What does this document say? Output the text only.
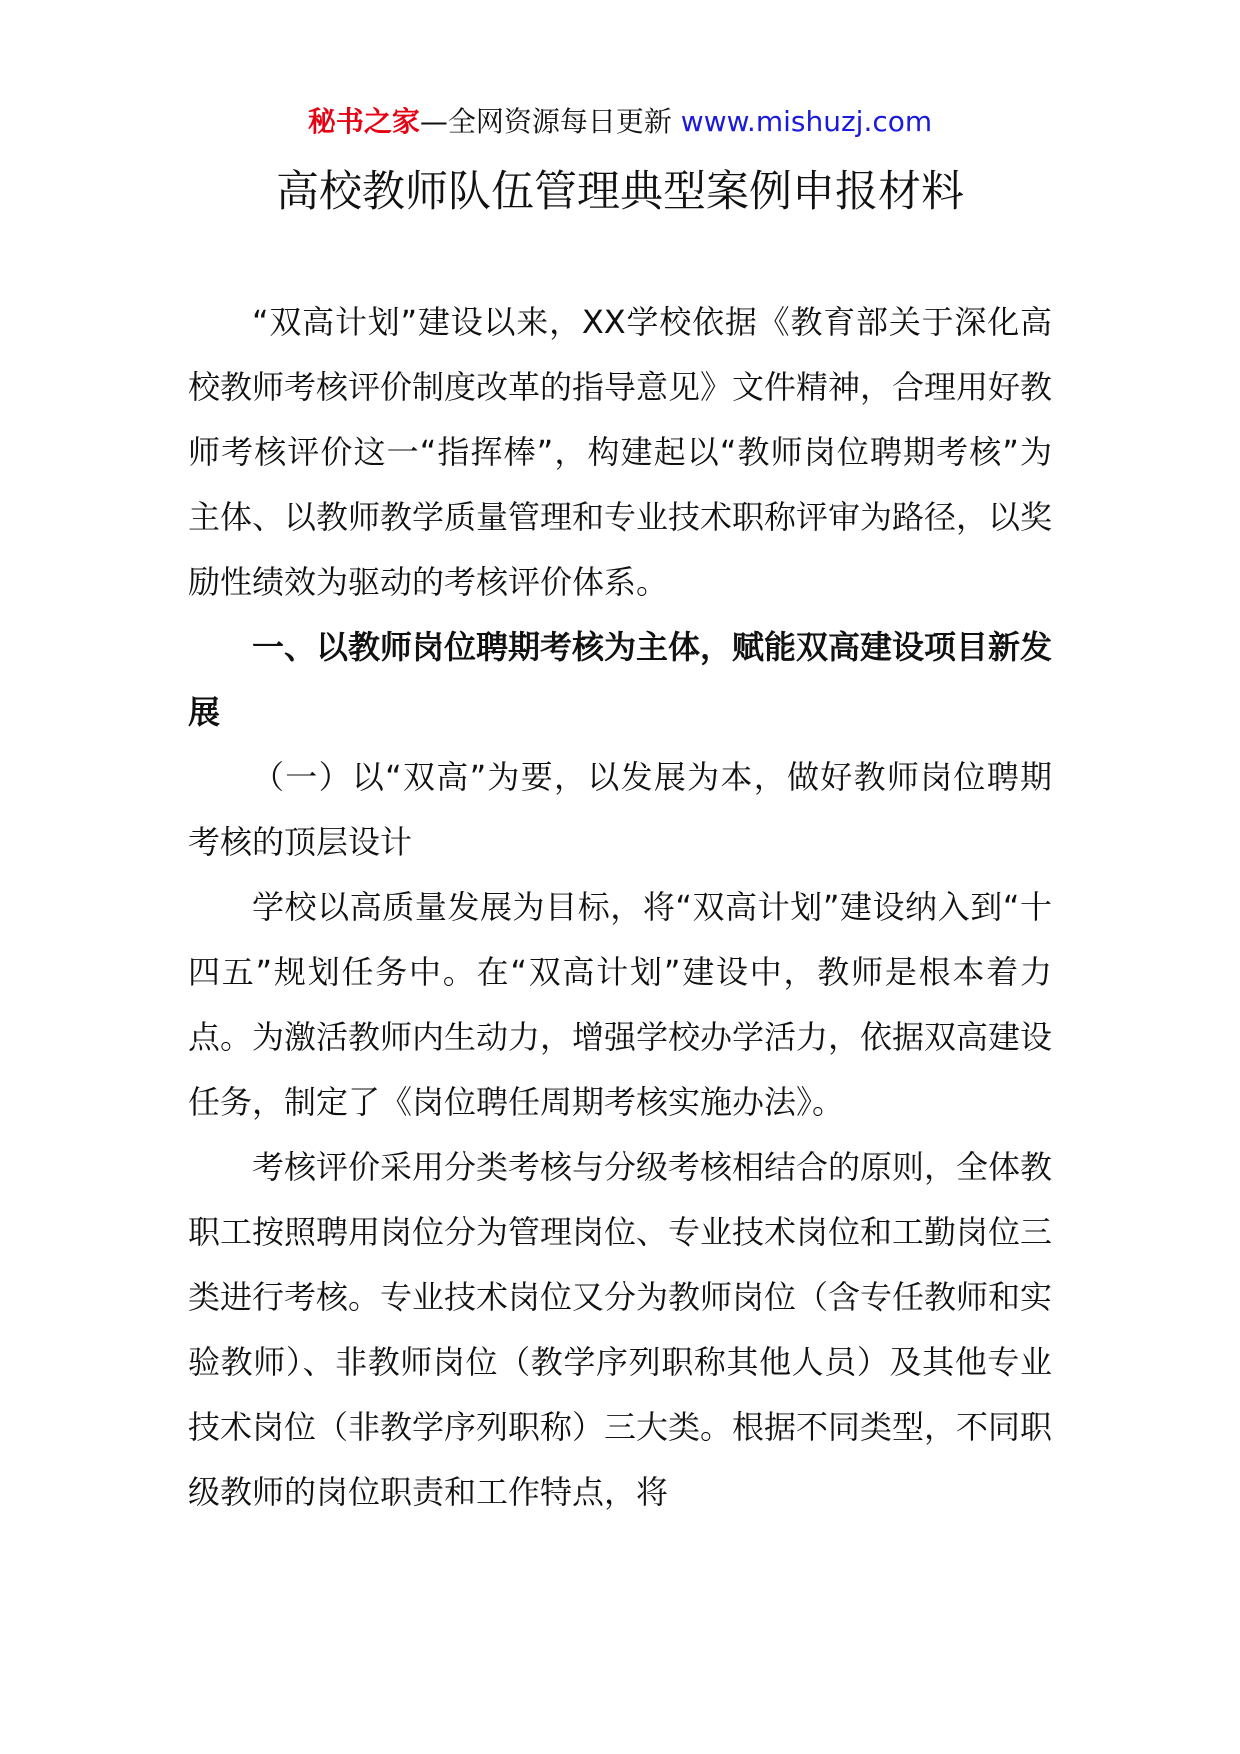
秘书之家—全网资源每日更新 www.mishuzj.com
高校教师队伍管理典型案例申报材料

“双高计划”建设以来，XX学校依据《教育部关于深化高校教师考核评价制度改革的指导意见》文件精神，合理用好教师考核评价这一“指挥棒”，构建起以“教师岗位聘期考核”为主体、以教师教学质量管理和专业技术职称评审为路径，以奖励性绩效为驱动的考核评价体系。

一、以教师岗位聘期考核为主体，赋能双高建设项目新发展

（一）以“双高”为要，以发展为本，做好教师岗位聘期考核的顶层设计

学校以高质量发展为目标，将“双高计划”建设纳入到“十四五”规划任务中。在“双高计划”建设中，教师是根本着力点。为激活教师内生动力，增强学校办学活力，依据双高建设任务，制定了《岗位聘任周期考核实施办法》。

考核评价采用分类考核与分级考核相结合的原则，全体教职工按照聘用岗位分为管理岗位、专业技术岗位和工勤岗位三类进行考核。专业技术岗位又分为教师岗位（含专任教师和实验教师）、非教师岗位（教学序列职称其他人员）及其他专业技术岗位（非教学序列职称）三大类。根据不同类型，不同职级教师的岗位职责和工作特点，将
